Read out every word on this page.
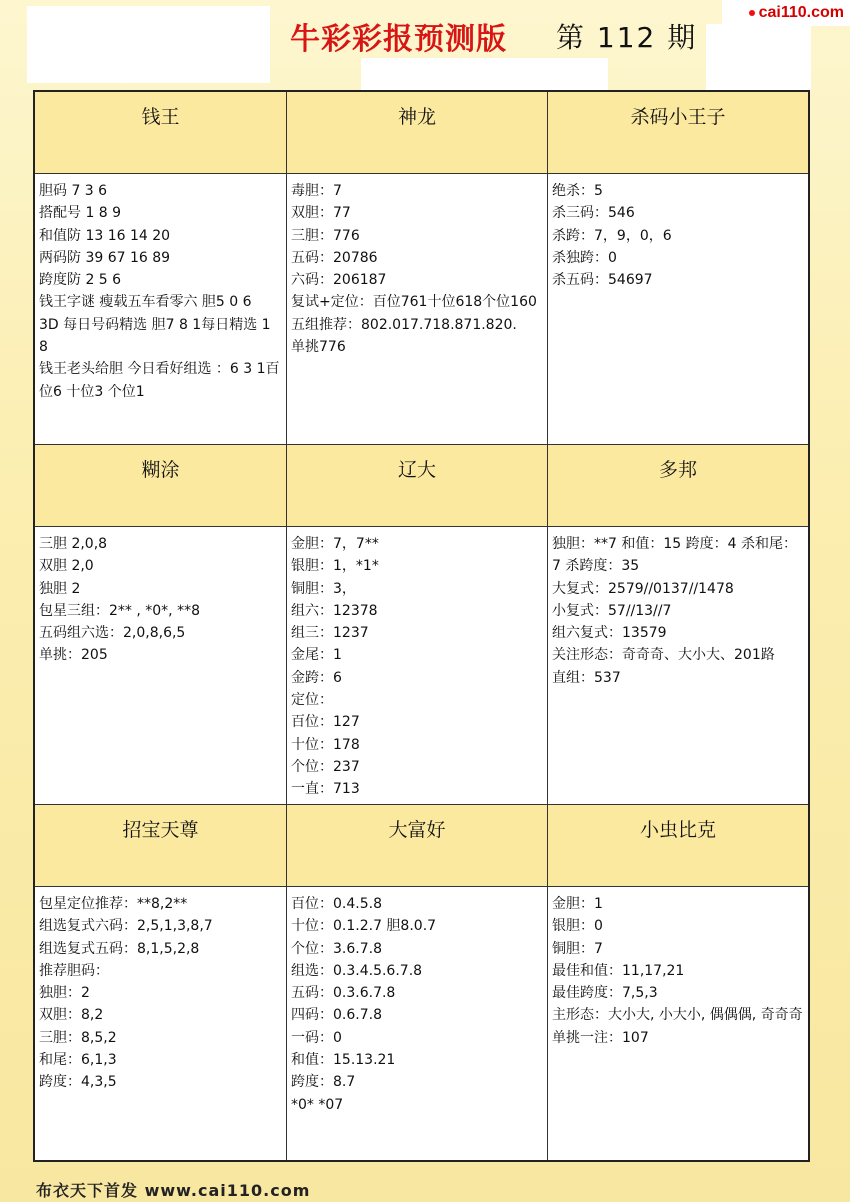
cai110.com
牛彩彩报预测版 第 112 期
钱王
胆码 7 3 6
搭配号 1 8 9
和值防 13 16 14 20
两码防 39 67 16 89
跨度防 2 5 6
钱王字谜 瘦载五车看零六 胆5 0 6
3D 每日号码精选 胆7 8 1每日精选 1 8
钱王老头给胆 今日看好组选 ：6 3 1百位6 十位3 个位1
神龙
毒胆：7
双胆：77
三胆：776
五码：20786
六码：206187
复试+定位：百位761十位618个位160
五组推荐：802.017.718.871.820.
单挑776
杀码小王子
绝杀：5
杀三码：546
杀跨：7，9，0，6
杀独跨：0
杀五码：54697
糊涂
三胆 2,0,8
双胆 2,0
独胆 2
包星三组：2** , *0*, **8
五码组六选：2,0,8,6,5
单挑：205
辽大
金胆：7，7**
银胆：1，*1*
铜胆：3，
组六：12378
组三：1237
金尾：1
金跨：6
定位：
百位：127
十位：178
个位：237
一直：713
多邦
独胆：**7 和值：15 跨度：4 杀和尾：7 杀跨度：35
大复式：2579//0137//1478
小复式：57//13//7
组六复式：13579
关注形态：奇奇奇、大小大、201路
直组：537
招宝天尊
包星定位推荐：**8,2**
组选复式六码：2,5,1,3,8,7
组选复式五码：8,1,5,2,8
推荐胆码：
独胆：2
双胆：8,2
三胆：8,5,2
和尾：6,1,3
跨度：4,3,5
大富好
百位：0.4.5.8
十位：0.1.2.7 胆8.0.7
个位：3.6.7.8
组选：0.3.4.5.6.7.8
五码：0.3.6.7.8
四码：0.6.7.8
一码：0
和值：15.13.21
跨度：8.7
*0* *07
小虫比克
金胆：1
银胆：0
铜胆：7
最佳和值：11,17,21
最佳跨度：7,5,3
主形态：大小大, 小大小, 偶偶偶, 奇奇奇
单挑一注：107
布衣天下首发 www.cai110.com
